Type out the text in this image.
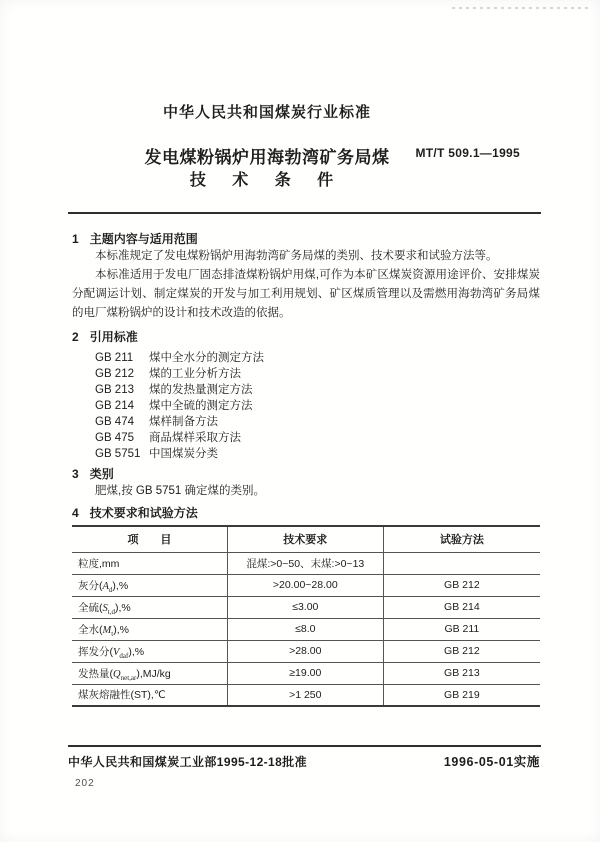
中华人民共和国煤炭行业标准
发电煤粉锅炉用海勃湾矿务局煤	MT/T 509.1—1995
技 术 条 件
1 主题内容与适用范围

本标准规定了发电煤粉锅炉用海勃湾矿务局煤的类别、技术要求和试验方法等。

本标准适用于发电厂固态排渣煤粉锅炉用煤,可作为本矿区煤炭资源用途评价、安排煤炭分配调运计划、制定煤炭的开发与加工利用规划、矿区煤质管理以及需燃用海勃湾矿务局煤的电厂煤粉锅炉的设计和技术改造的依据。

2 引用标准
GB 211 煤中全水分的测定方法
GB 212 煤的工业分析方法
GB 213 煤的发热量测定方法
GB 214 煤中全硫的测定方法
GB 474 煤样制备方法
GB 475 商品煤样采取方法
GB 5751 中国煤炭分类
3 类别

肥煤,按 GB 5751 确定煤的类别。

4 技术要求和试验方法
项　　目	技术要求	试验方法
粒度,mm	混煤:>0~50、末煤:>0~13	
灰分$(A_d),\%$	>20.00~28.00	GB 212
全硫$(S_{t,d}),\%$	≤3.00	GB 214
全水$(M_t),\%$	≤8.0	GB 211
挥发分$(V_{daf}),\%$	>28.00	GB 212
发热量$(Q_{net,ar}),MJ/kg$	≥19.00	GB 213
煤灰熔融性(ST),℃	>1 250	GB 219
中华人民共和国煤炭工业部1995-12-18批准	1996-05-01实施
202
